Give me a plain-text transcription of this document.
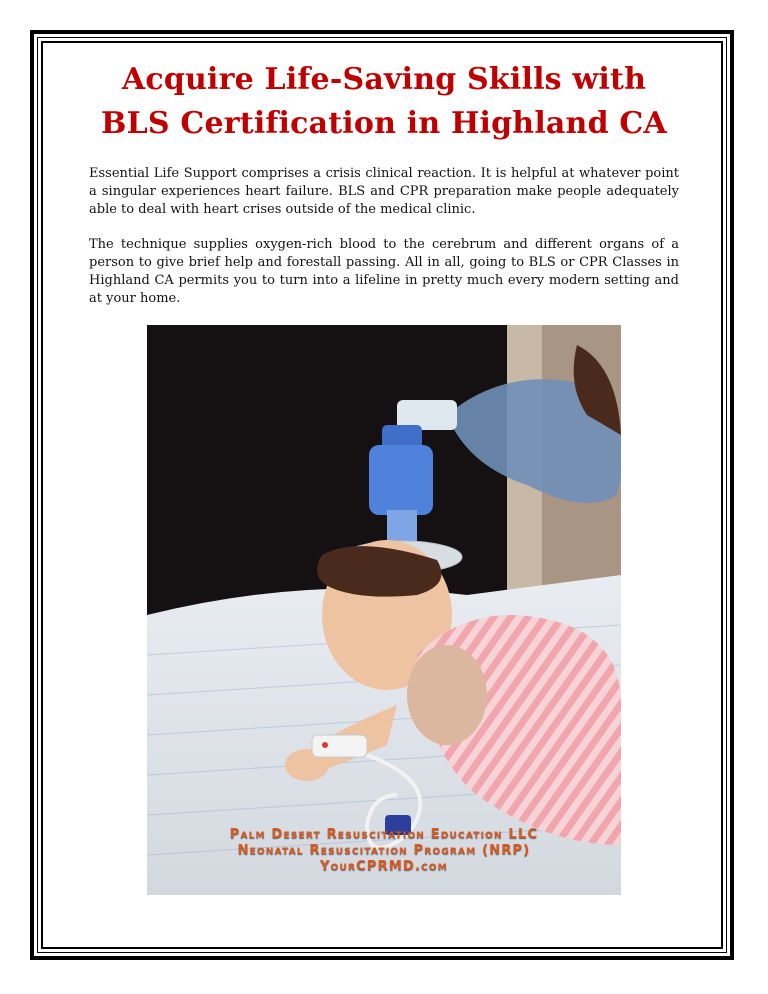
Acquire Life-Saving Skills with
BLS Certification in Highland CA

Essential Life Support comprises a crisis clinical reaction. It is helpful at whatever point a singular experiences heart failure. BLS and CPR preparation make people adequately able to deal with heart crises outside of the medical clinic.

The technique supplies oxygen-rich blood to the cerebrum and different organs of a person to give brief help and forestall passing. All in all, going to BLS or CPR Classes in Highland CA permits you to turn into a lifeline in pretty much every modern setting and at your home.

Palm Desert Resuscitation Education LLC
Neonatal Resuscitation Program (NRP)
YourCPRMD.com
